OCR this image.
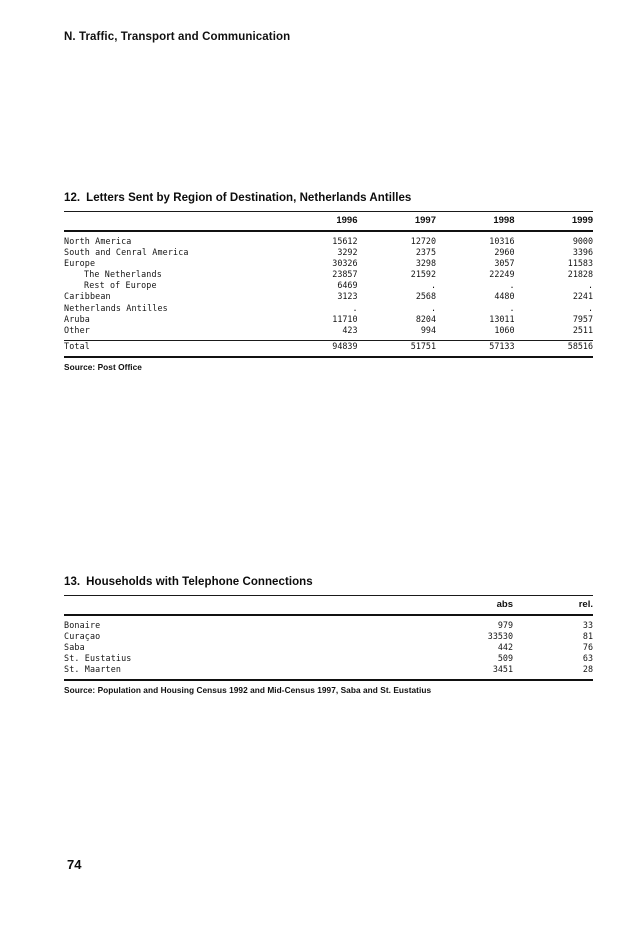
N. Traffic, Transport and Communication
12. Letters Sent by Region of Destination, Netherlands Antilles
	1996	1997	1998	1999

North America	15612	12720	10316	9000
South and Cenral America	3292	2375	2960	3396
Europe	30326	3298	3057	11583
The Netherlands	23857	21592	22249	21828
Rest of Europe	6469	.	.	.
Caribbean	3123	2568	4480	2241
Netherlands Antilles	.	.	.	.
Aruba	11710	8204	13011	7957
Other	423	994	1060	2511
Total	94839	51751	57133	58516

Source: Post Office
13. Households with Telephone Connections
	abs	rel.

Bonaire	979	33
Curaçao	33530	81
Saba	442	76
St. Eustatius	509	63
St. Maarten	3451	28

Source: Population and Housing Census 1992 and Mid-Census 1997, Saba and St. Eustatius
74
